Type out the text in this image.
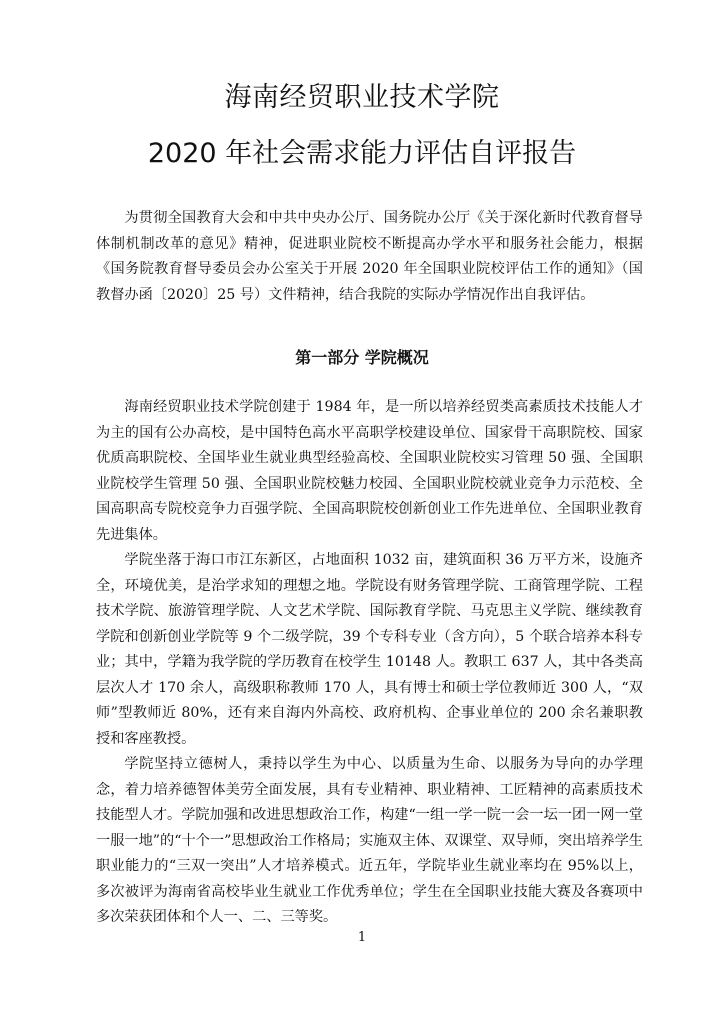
海南经贸职业技术学院
2020 年社会需求能力评估自评报告

为贯彻全国教育大会和中共中央办公厅、国务院办公厅《关于深化新时代教育督导体制机制改革的意见》精神，促进职业院校不断提高办学水平和服务社会能力，根据《国务院教育督导委员会办公室关于开展 2020 年全国职业院校评估工作的通知》（国教督办函〔2020〕25 号）文件精神，结合我院的实际办学情况作出自我评估。

第一部分 学院概况

海南经贸职业技术学院创建于 1984 年，是一所以培养经贸类高素质技术技能人才为主的国有公办高校，是中国特色高水平高职学校建设单位、国家骨干高职院校、国家优质高职院校、全国毕业生就业典型经验高校、全国职业院校实习管理 50 强、全国职业院校学生管理 50 强、全国职业院校魅力校园、全国职业院校就业竞争力示范校、全国高职高专院校竞争力百强学院、全国高职院校创新创业工作先进单位、全国职业教育先进集体。

学院坐落于海口市江东新区，占地面积 1032 亩，建筑面积 36 万平方米，设施齐全，环境优美，是治学求知的理想之地。学院设有财务管理学院、工商管理学院、工程技术学院、旅游管理学院、人文艺术学院、国际教育学院、马克思主义学院、继续教育学院和创新创业学院等 9 个二级学院，39 个专科专业（含方向），5 个联合培养本科专业；其中，学籍为我学院的学历教育在校学生 10148 人。教职工 637 人，其中各类高层次人才 170 余人，高级职称教师 170 人，具有博士和硕士学位教师近 300 人，“双师”型教师近 80%，还有来自海内外高校、政府机构、企事业单位的 200 余名兼职教授和客座教授。

学院坚持立德树人，秉持以学生为中心、以质量为生命、以服务为导向的办学理念，着力培养德智体美劳全面发展，具有专业精神、职业精神、工匠精神的高素质技术技能型人才。学院加强和改进思想政治工作，构建“一组一学一院一会一坛一团一网一堂一服一地”的“十个一”思想政治工作格局；实施双主体、双课堂、双导师，突出培养学生职业能力的“三双一突出”人才培养模式。近五年，学院毕业生就业率均在 95%以上，多次被评为海南省高校毕业生就业工作优秀单位；学生在全国职业技能大赛及各赛项中多次荣获团体和个人一、二、三等奖。

1
